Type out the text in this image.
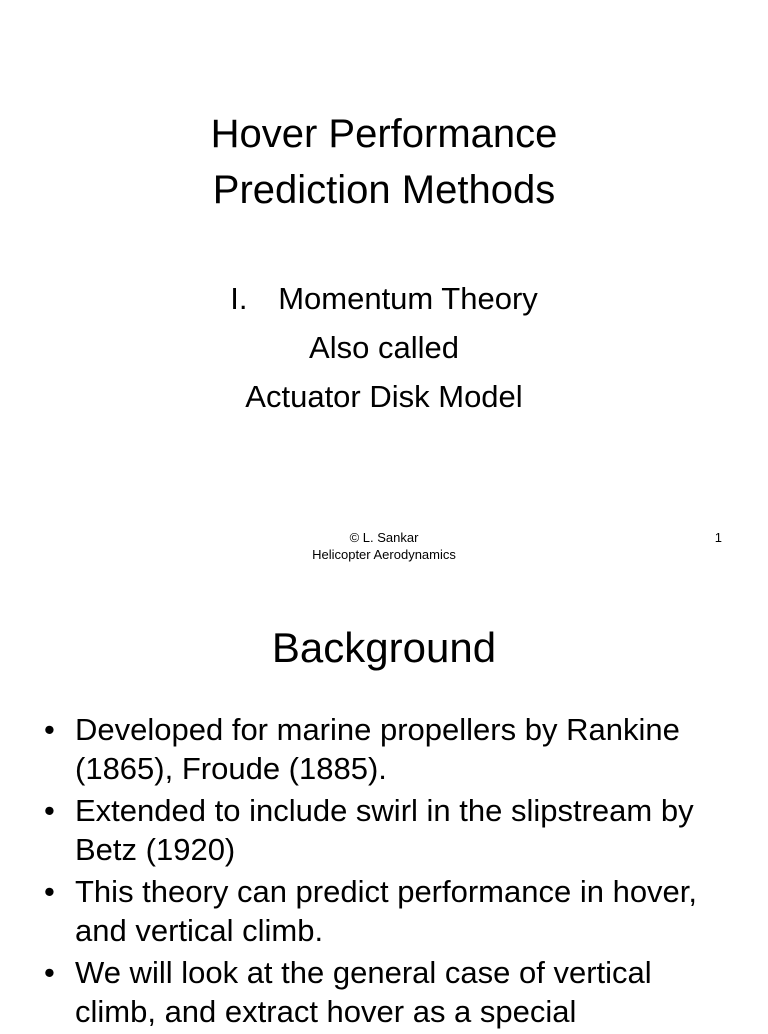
Hover Performance
Prediction Methods
I. Momentum Theory
Also called
Actuator Disk Model
© L. Sankar
Helicopter Aerodynamics
1
Background
• Developed for marine propellers by Rankine (1865), Froude (1885).
• Extended to include swirl in the slipstream by Betz (1920)
• This theory can predict performance in hover, and vertical climb.
• We will look at the general case of vertical climb, and extract hover as a special
